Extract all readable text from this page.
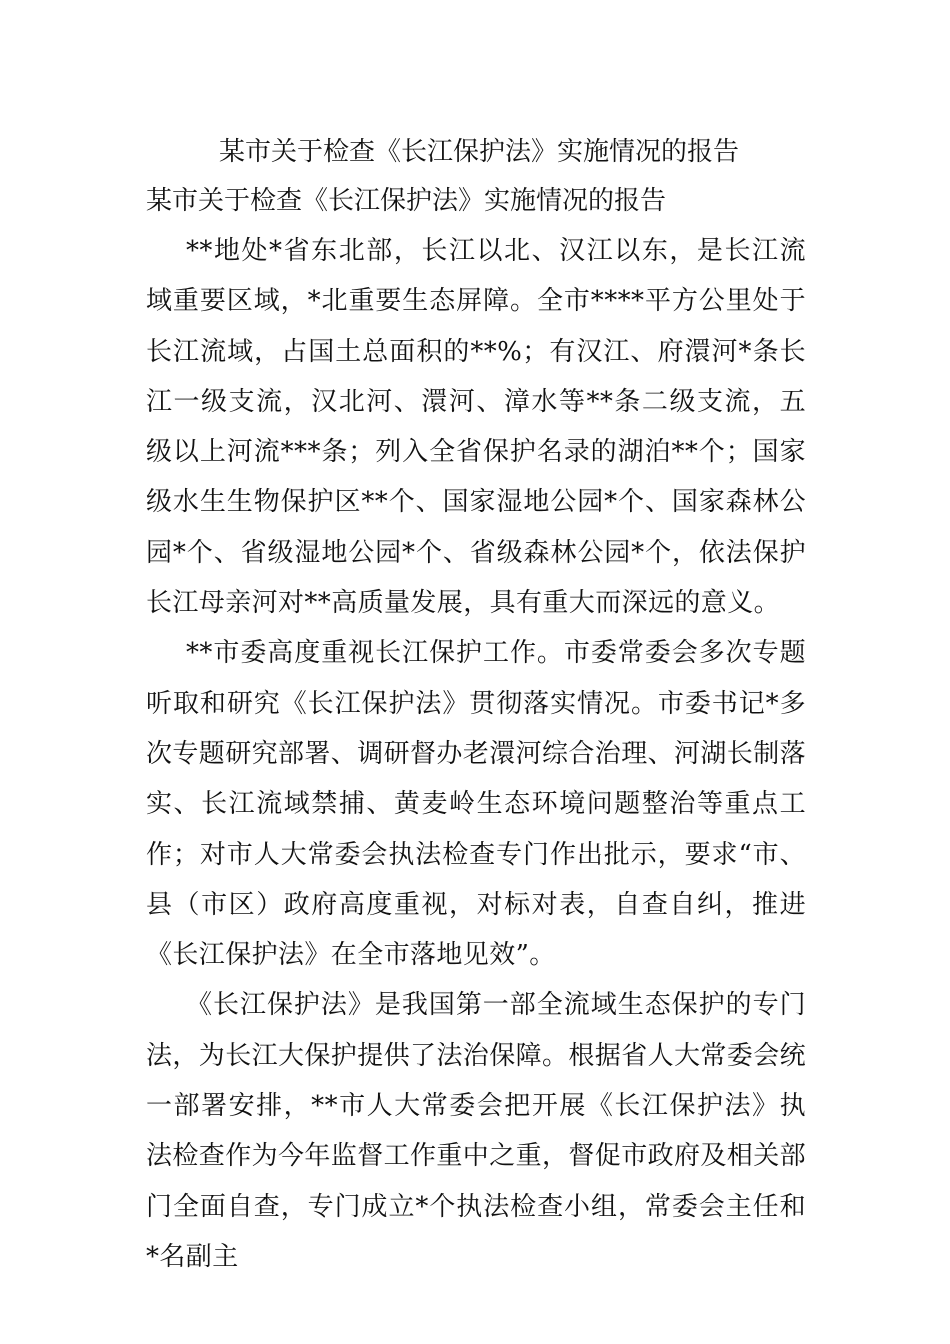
某市关于检查《长江保护法》实施情况的报告
某市关于检查《长江保护法》实施情况的报告

**地处*省东北部，长江以北、汉江以东，是长江流域重要区域，*北重要生态屏障。全市****平方公里处于长江流域，占国土总面积的**%；有汉江、府澴河*条长江一级支流，汉北河、澴河、漳水等**条二级支流，五级以上河流***条；列入全省保护名录的湖泊**个；国家级水生生物保护区**个、国家湿地公园*个、国家森林公园*个、省级湿地公园*个、省级森林公园*个，依法保护长江母亲河对**高质量发展，具有重大而深远的意义。

**市委高度重视长江保护工作。市委常委会多次专题听取和研究《长江保护法》贯彻落实情况。市委书记*多次专题研究部署、调研督办老澴河综合治理、河湖长制落实、长江流域禁捕、黄麦岭生态环境问题整治等重点工作；对市人大常委会执法检查专门作出批示，要求“市、县（市区）政府高度重视，对标对表，自查自纠，推进《长江保护法》在全市落地见效”。

《长江保护法》是我国第一部全流域生态保护的专门法，为长江大保护提供了法治保障。根据省人大常委会统一部署安排，**市人大常委会把开展《长江保护法》执法检查作为今年监督工作重中之重，督促市政府及相关部门全面自查，专门成立*个执法检查小组，常委会主任和*名副主
